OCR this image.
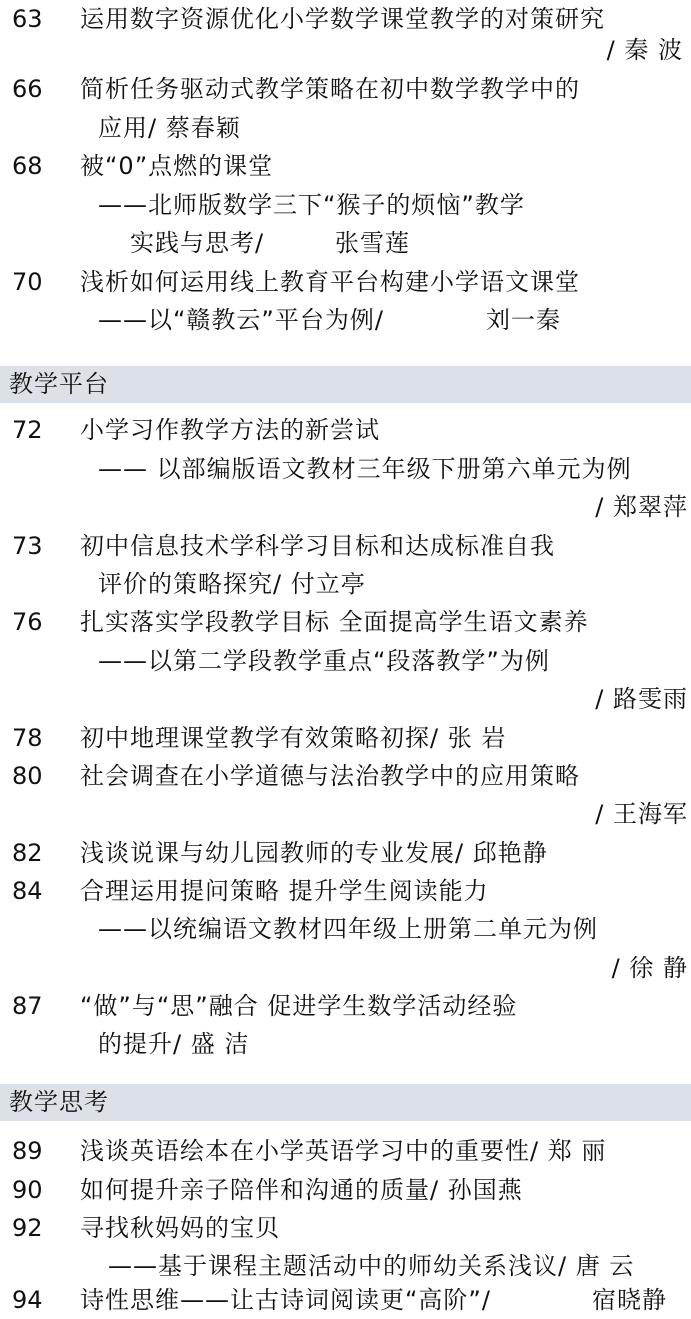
63	运用数字资源优化小学数学课堂教学的对策研究
/ 秦 波
66	简析任务驱动式教学策略在初中数学教学中的
应用/ 蔡春颖
68	被“0”点燃的课堂
——北师版数学三下“猴子的烦恼”教学
实践与思考/	张雪莲
70	浅析如何运用线上教育平台构建小学语文课堂
——以“赣教云”平台为例/	刘一秦
教学平台
72	小学习作教学方法的新尝试
—— 以部编版语文教材三年级下册第六单元为例
/ 郑翠萍
73	初中信息技术学科学习目标和达成标准自我
评价的策略探究/ 付立亭
76	扎实落实学段教学目标 全面提高学生语文素养
——以第二学段教学重点“段落教学”为例
/ 路雯雨
78	初中地理课堂教学有效策略初探/ 张 岩
80	社会调查在小学道德与法治教学中的应用策略
/ 王海军
82	浅谈说课与幼儿园教师的专业发展/ 邱艳静
84	合理运用提问策略 提升学生阅读能力
——以统编语文教材四年级上册第二单元为例
/ 徐 静
87	“做”与“思”融合 促进学生数学活动经验
的提升/ 盛 洁
教学思考
89	浅谈英语绘本在小学英语学习中的重要性/ 郑 丽
90	如何提升亲子陪伴和沟通的质量/ 孙国燕
92	寻找秋妈妈的宝贝
——基于课程主题活动中的师幼关系浅议/ 唐 云
94	诗性思维——让古诗词阅读更“高阶”/	宿晓静
